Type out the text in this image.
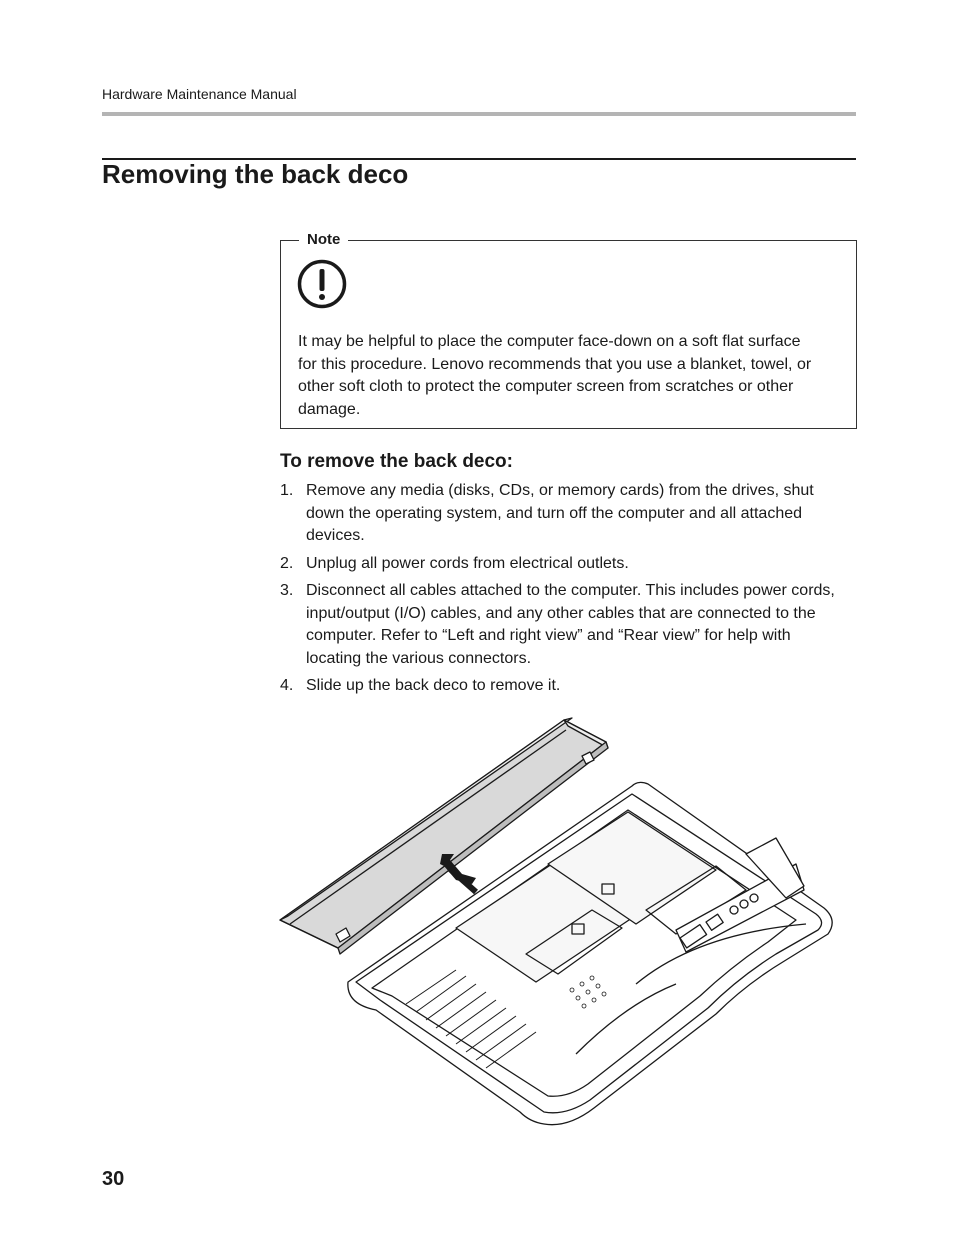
Hardware Maintenance Manual
Removing the back deco
Note

It may be helpful to place the computer face-down on a soft flat surface for this procedure. Lenovo recommends that you use a blanket, towel, or other soft cloth to protect the computer screen from scratches or other damage.

To remove the back deco:
1. Remove any media (disks, CDs, or memory cards) from the drives, shut down the operating system, and turn off the computer and all attached devices.
2. Unplug all power cords from electrical outlets.
3. Disconnect all cables attached to the computer. This includes power cords, input/output (I/O) cables, and any other cables that are connected to the computer. Refer to “Left and right view” and “Rear view” for help with locating the various connectors.
4. Slide up the back deco to remove it.
30
